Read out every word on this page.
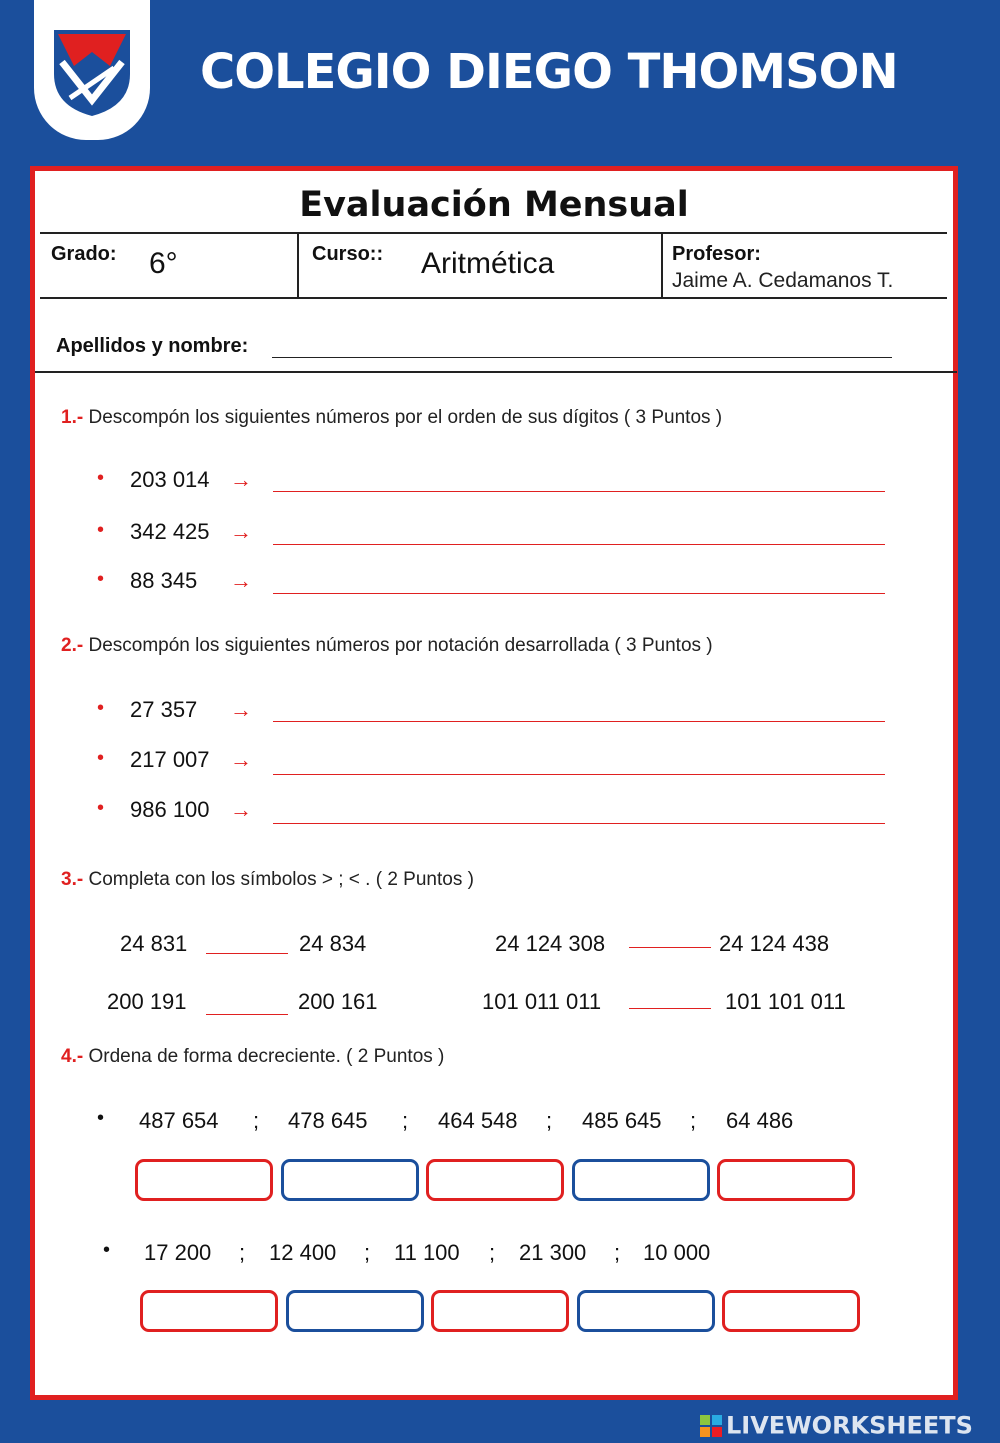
COLEGIO DIEGO THOMSON
Evaluación Mensual
Grado: 6°	Curso:: Aritmética	Profesor:
Jaime A. Cedamanos T.
Apellidos y nombre:
1.- Descompón los siguientes números por el orden de sus dígitos ( 3 Puntos )
• 203 014 →
• 342 425 →
• 88 345 →
2.- Descompón los siguientes números por notación desarrollada ( 3 Puntos )
• 27 357 →
• 217 007 →
• 986 100 →
3.- Completa con los símbolos > ; < . ( 2 Puntos )
24 831	24 834	24 124 308	24 124 438
200 191	200 161	101 011 011	101 101 011
4.- Ordena de forma decreciente. ( 2 Puntos )
• 487 654 ; 478 645 ; 464 548 ; 485 645 ; 64 486
• 17 200 ; 12 400 ; 11 100 ; 21 300 ; 10 000
LIVEWORKSHEETS
